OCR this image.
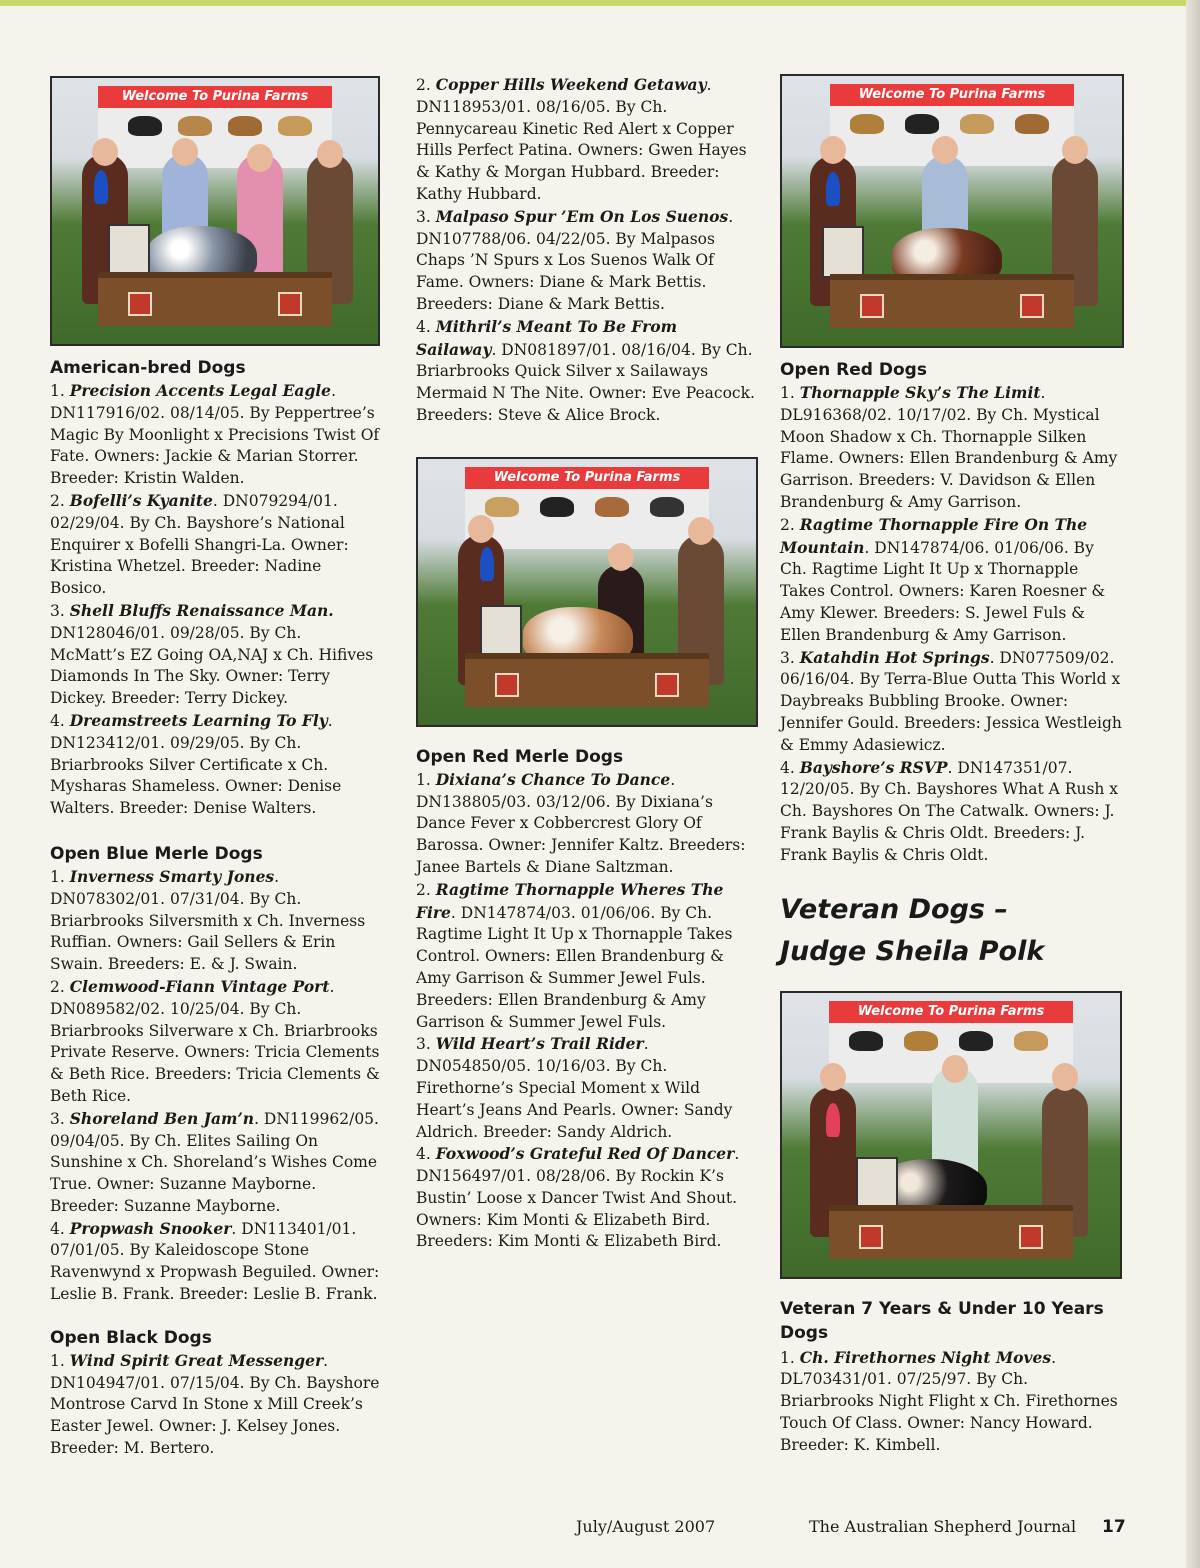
Welcome To Purina Farms
American-bred Dogs

1. Precision Accents Legal Eagle. DN117916/02. 08/14/05. By Peppertree’s Magic By Moonlight x Precisions Twist Of Fate. Owners: Jackie & Marian Storrer. Breeder: Kristin Walden.

2. Bofelli’s Kyanite. DN079294/01. 02/29/04. By Ch. Bayshore’s National Enquirer x Bofelli Shangri-La. Owner: Kristina Whetzel. Breeder: Nadine Bosico.

3. Shell Bluffs Renaissance Man. DN128046/01. 09/28/05. By Ch. McMatt’s EZ Going OA,NAJ x Ch. Hifives Diamonds In The Sky. Owner: Terry Dickey. Breeder: Terry Dickey.

4. Dreamstreets Learning To Fly. DN123412/01. 09/29/05. By Ch. Briarbrooks Silver Certificate x Ch. Mysharas Shameless. Owner: Denise Walters. Breeder: Denise Walters.

Open Blue Merle Dogs

1. Inverness Smarty Jones. DN078302/01. 07/31/04. By Ch. Briarbrooks Silversmith x Ch. Inverness Ruffian. Owners: Gail Sellers & Erin Swain. Breeders: E. & J. Swain.

2. Clemwood-Fiann Vintage Port. DN089582/02. 10/25/04. By Ch. Briarbrooks Silverware x Ch. Briarbrooks Private Reserve. Owners: Tricia Clements & Beth Rice. Breeders: Tricia Clements & Beth Rice.

3. Shoreland Ben Jam’n. DN119962/05. 09/04/05. By Ch. Elites Sailing On Sunshine x Ch. Shoreland’s Wishes Come True. Owner: Suzanne Mayborne. Breeder: Suzanne Mayborne.

4. Propwash Snooker. DN113401/01. 07/01/05. By Kaleidoscope Stone Ravenwynd x Propwash Beguiled. Owner: Leslie B. Frank. Breeder: Leslie B. Frank.

Open Black Dogs

1. Wind Spirit Great Messenger. DN104947/01. 07/15/04. By Ch. Bayshore Montrose Carvd In Stone x Mill Creek’s Easter Jewel. Owner: J. Kelsey Jones. Breeder: M. Bertero.

2. Copper Hills Weekend Getaway. DN118953/01. 08/16/05. By Ch. Pennycareau Kinetic Red Alert x Copper Hills Perfect Patina. Owners: Gwen Hayes & Kathy & Morgan Hubbard. Breeder: Kathy Hubbard.

3. Malpaso Spur ’Em On Los Suenos. DN107788/06. 04/22/05. By Malpasos Chaps ’N Spurs x Los Suenos Walk Of Fame. Owners: Diane & Mark Bettis. Breeders: Diane & Mark Bettis.

4. Mithril’s Meant To Be From Sailaway. DN081897/01. 08/16/04. By Ch. Briarbrooks Quick Silver x Sailaways Mermaid N The Nite. Owner: Eve Peacock. Breeders: Steve & Alice Brock.

Welcome To Purina Farms
Open Red Merle Dogs

1. Dixiana’s Chance To Dance. DN138805/03. 03/12/06. By Dixiana’s Dance Fever x Cobbercrest Glory Of Barossa. Owner: Jennifer Kaltz. Breeders: Janee Bartels & Diane Saltzman.

2. Ragtime Thornapple Wheres The Fire. DN147874/03. 01/06/06. By Ch. Ragtime Light It Up x Thornapple Takes Control. Owners: Ellen Brandenburg & Amy Garrison & Summer Jewel Fuls. Breeders: Ellen Brandenburg & Amy Garrison & Summer Jewel Fuls.

3. Wild Heart’s Trail Rider. DN054850/05. 10/16/03. By Ch. Firethorne’s Special Moment x Wild Heart’s Jeans And Pearls. Owner: Sandy Aldrich. Breeder: Sandy Aldrich.

4. Foxwood’s Grateful Red Of Dancer. DN156497/01. 08/28/06. By Rockin K’s Bustin’ Loose x Dancer Twist And Shout. Owners: Kim Monti & Elizabeth Bird. Breeders: Kim Monti & Elizabeth Bird.

Welcome To Purina Farms
Open Red Dogs

1. Thornapple Sky’s The Limit. DL916368/02. 10/17/02. By Ch. Mystical Moon Shadow x Ch. Thornapple Silken Flame. Owners: Ellen Brandenburg & Amy Garrison. Breeders: V. Davidson & Ellen Brandenburg & Amy Garrison.

2. Ragtime Thornapple Fire On The Mountain. DN147874/06. 01/06/06. By Ch. Ragtime Light It Up x Thornapple Takes Control. Owners: Karen Roesner & Amy Klewer. Breeders: S. Jewel Fuls & Ellen Brandenburg & Amy Garrison.

3. Katahdin Hot Springs. DN077509/02. 06/16/04. By Terra-Blue Outta This World x Daybreaks Bubbling Brooke. Owner: Jennifer Gould. Breeders: Jessica Westleigh & Emmy Adasiewicz.

4. Bayshore’s RSVP. DN147351/07. 12/20/05. By Ch. Bayshores What A Rush x Ch. Bayshores On The Catwalk. Owners: J. Frank Baylis & Chris Oldt. Breeders: J. Frank Baylis & Chris Oldt.

Veteran Dogs –
Judge Sheila Polk
Welcome To Purina Farms
Veteran 7 Years & Under 10 Years Dogs

1. Ch. Firethornes Night Moves. DL703431/01. 07/25/97. By Ch. Briarbrooks Night Flight x Ch. Firethornes Touch Of Class. Owner: Nancy Howard. Breeder: K. Kimbell.

July/August 2007	The Australian Shepherd Journal 17
